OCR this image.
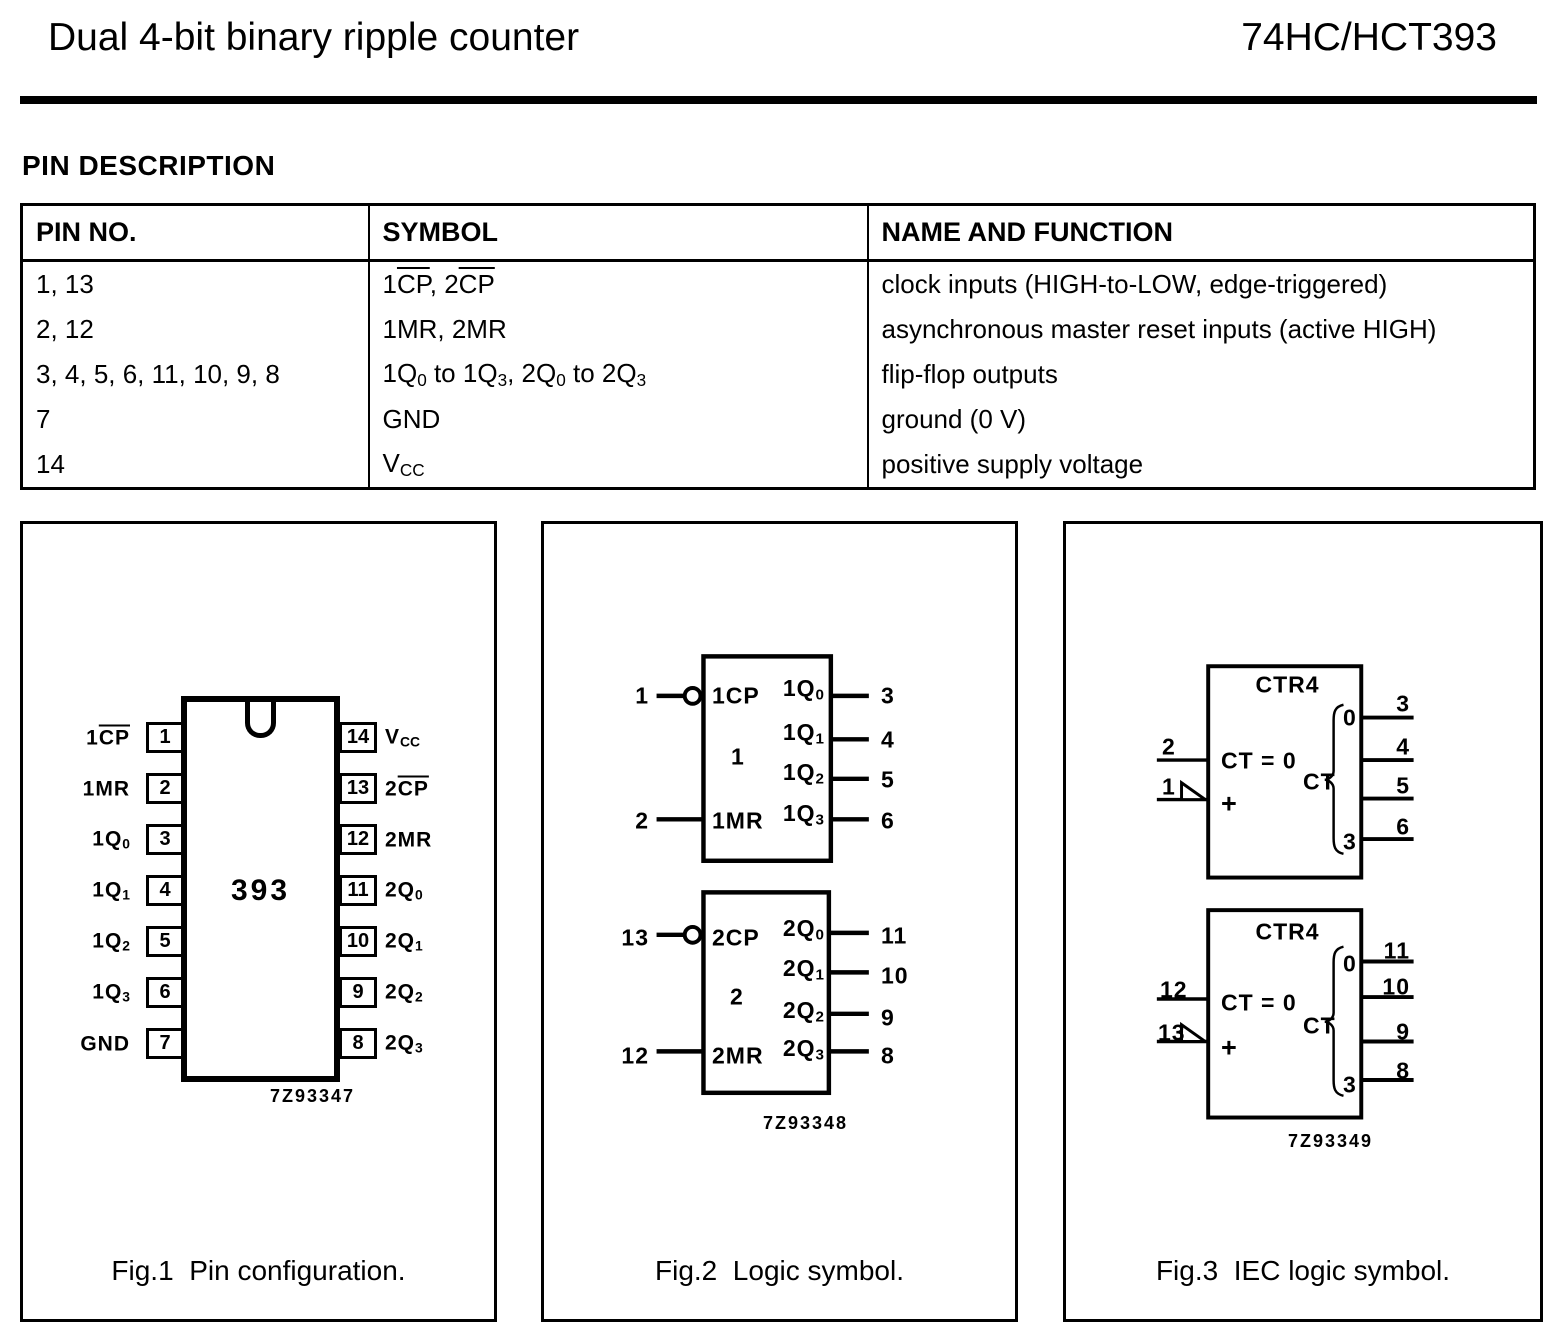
Dual 4-bit binary ripple counter	74HC/HCT393
PIN DESCRIPTION
PIN NO.	SYMBOL	NAME AND FUNCTION
1, 13	$1\overline{CP}$, $2\overline{CP}$	clock inputs (HIGH-to-LOW, edge-triggered)
2, 12	1MR, 2MR	asynchronous master reset inputs (active HIGH)
3, 4, 5, 6, 11, 10, 9, 8	1Q0 to 1Q3, 2Q0 to 2Q3	flip-flop outputs
7	GND	ground (0 V)
14	VCC	positive supply voltage
393
$1\overline{CP}$
1MR
1Q0
1Q1
1Q2
1Q3
GND
1
2
3
4
5
6
7
14
13
12
11
10
9
8
VCC
$2\overline{CP}$
2MR
2Q0
2Q1
2Q2
2Q3
7Z93347
Fig.1  Pin configuration.
1
2
1CP
1MR
1
1Q0
1Q1
1Q2
1Q3
3
4
5
6
13
12
2CP
2MR
2
2Q0
2Q1
2Q2
2Q3
11
10
9
8
7Z93348
Fig.2  Logic symbol.
CTR4
2
1
CT = 0
+
CT
0
3
3
4
5
6
CTR4
12
13
CT = 0
+
CT
0
3
11
10
9
8
7Z93349
Fig.3  IEC logic symbol.
